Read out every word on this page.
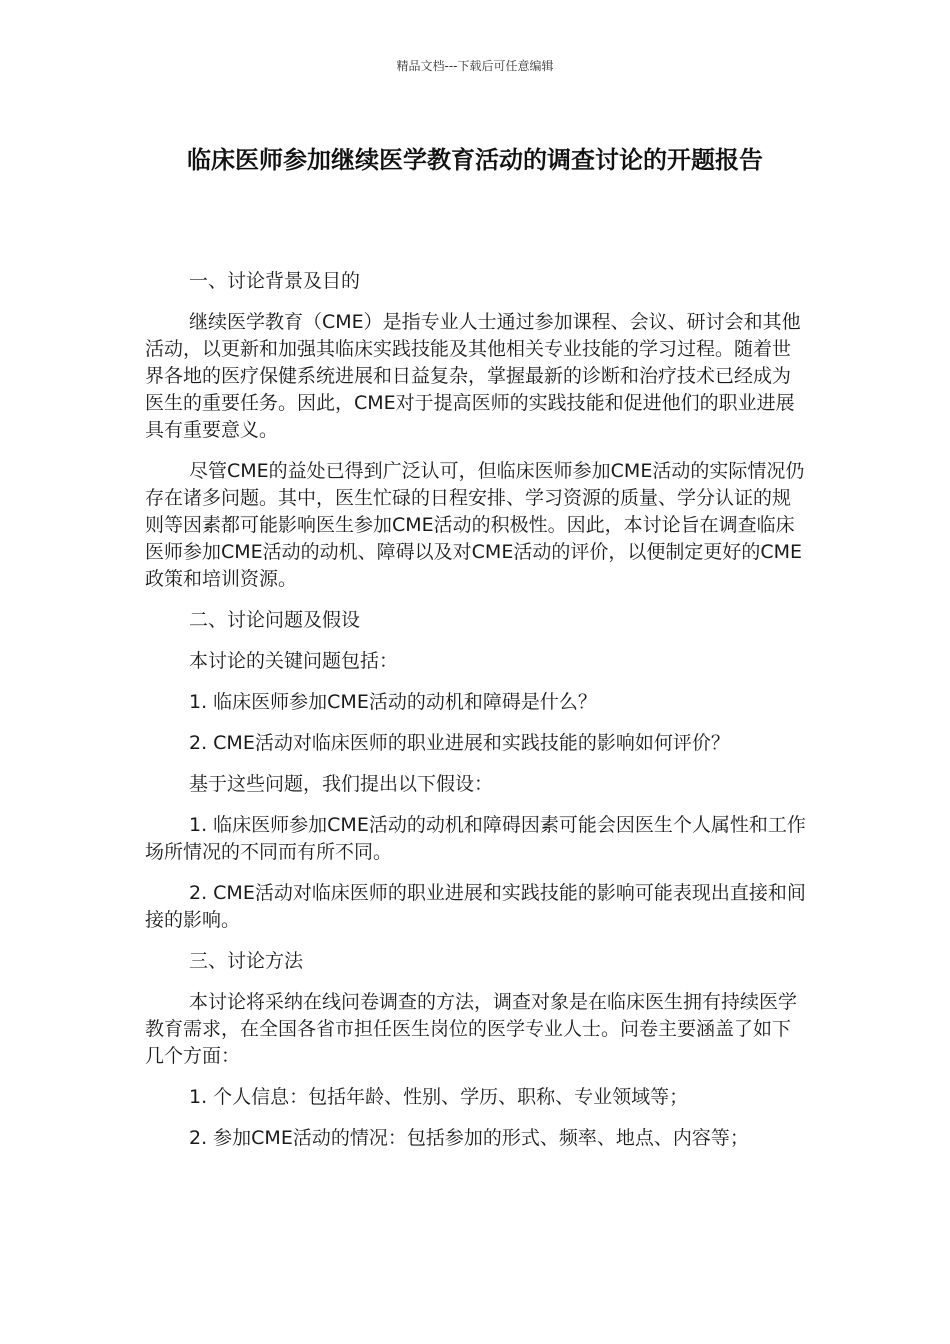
精品文档---下载后可任意编辑
临床医师参加继续医学教育活动的调查讨论的开题报告

一、讨论背景及目的

继续医学教育（CME）是指专业人士通过参加课程、会议、研讨会和其他活动，以更新和加强其临床实践技能及其他相关专业技能的学习过程。随着世界各地的医疗保健系统进展和日益复杂，掌握最新的诊断和治疗技术已经成为医生的重要任务。因此，CME对于提高医师的实践技能和促进他们的职业进展具有重要意义。

尽管CME的益处已得到广泛认可，但临床医师参加CME活动的实际情况仍存在诸多问题。其中，医生忙碌的日程安排、学习资源的质量、学分认证的规则等因素都可能影响医生参加CME活动的积极性。因此，本讨论旨在调查临床医师参加CME活动的动机、障碍以及对CME活动的评价，以便制定更好的CME政策和培训资源。

二、讨论问题及假设

本讨论的关键问题包括：

1. 临床医师参加CME活动的动机和障碍是什么？

2. CME活动对临床医师的职业进展和实践技能的影响如何评价？

基于这些问题，我们提出以下假设：

1. 临床医师参加CME活动的动机和障碍因素可能会因医生个人属性和工作场所情况的不同而有所不同。

2. CME活动对临床医师的职业进展和实践技能的影响可能表现出直接和间接的影响。

三、讨论方法

本讨论将采纳在线问卷调查的方法，调查对象是在临床医生拥有持续医学教育需求，在全国各省市担任医生岗位的医学专业人士。问卷主要涵盖了如下几个方面：

1. 个人信息：包括年龄、性别、学历、职称、专业领域等；

2. 参加CME活动的情况：包括参加的形式、频率、地点、内容等；
